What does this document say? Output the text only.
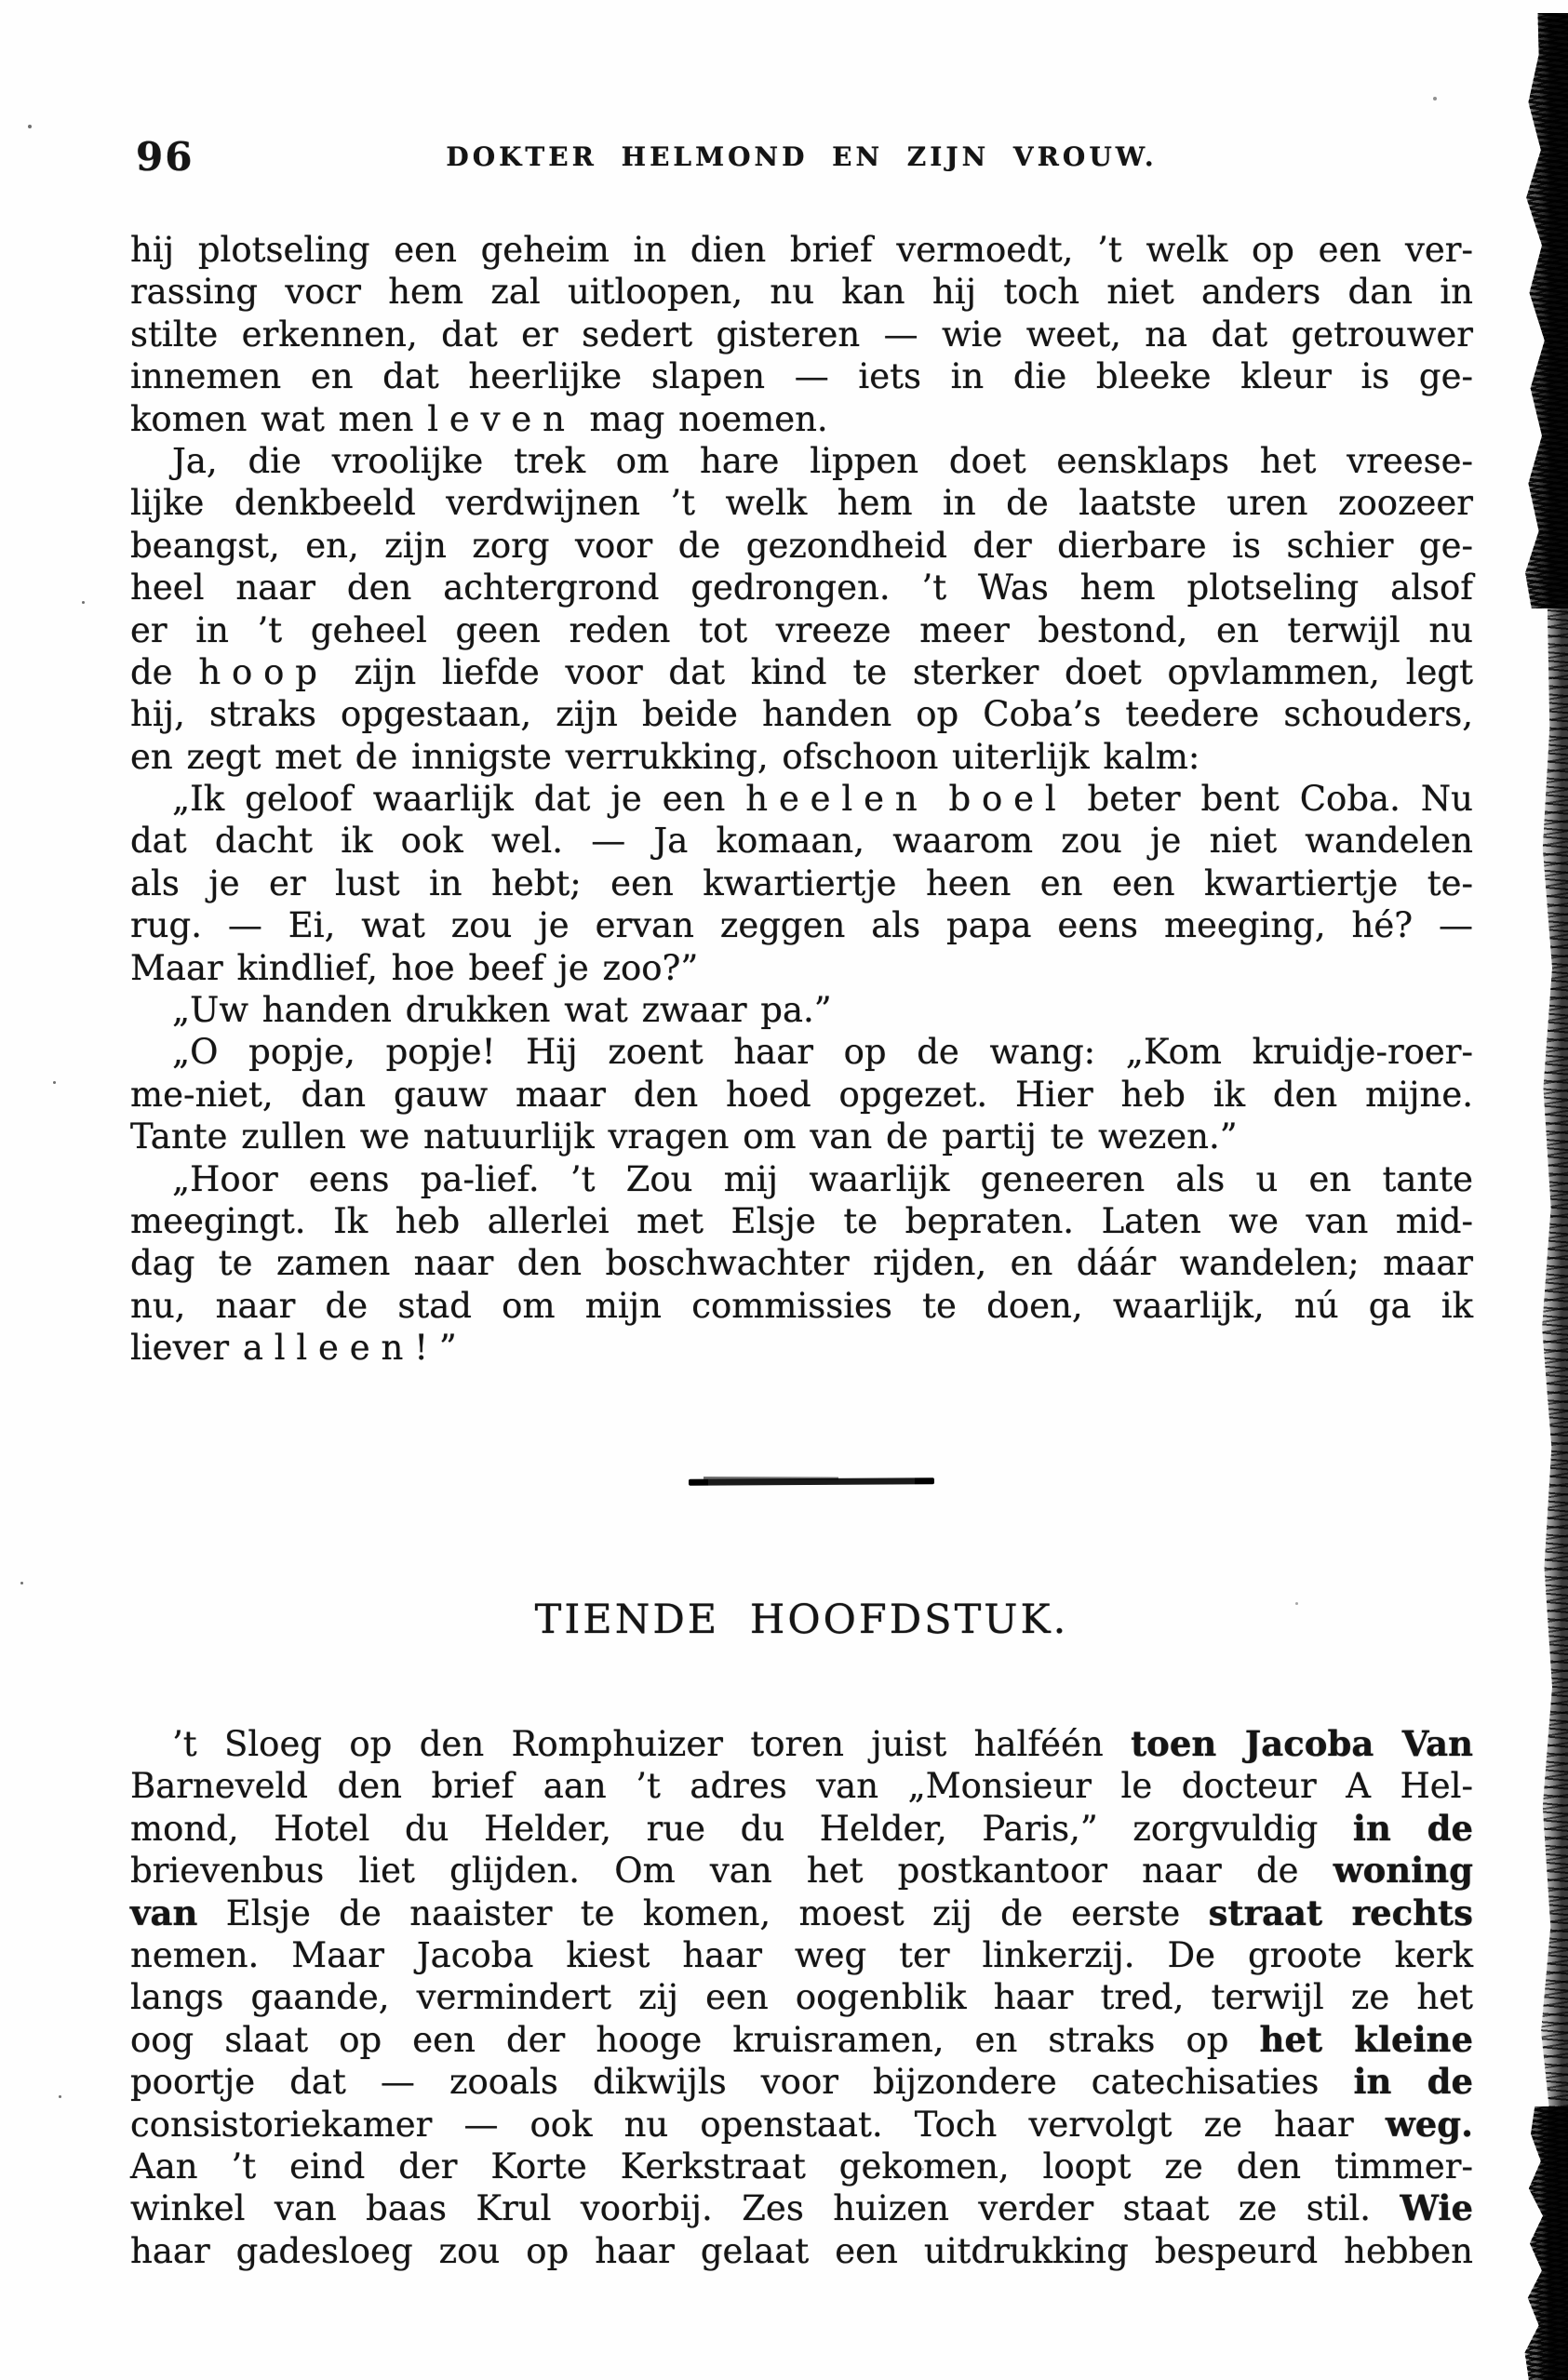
96	DOKTER HELMOND EN ZIJN VROUW.
hij plotseling een geheim in dien brief vermoedt, ’t welk op een ver-
rassing vocr hem zal uitloopen, nu kan hij toch niet anders dan in
stilte erkennen, dat er sedert gisteren — wie weet, na dat getrouwer
innemen en dat heerlijke slapen — iets in die bleeke kleur is ge-
komen wat men leven mag noemen.
Ja, die vroolijke trek om hare lippen doet eensklaps het vreese-
lijke denkbeeld verdwijnen ’t welk hem in de laatste uren zoozeer
beangst, en, zijn zorg voor de gezondheid der dierbare is schier ge-
heel naar den achtergrond gedrongen. ’t Was hem plotseling alsof
er in ’t geheel geen reden tot vreeze meer bestond, en terwijl nu
de hoop zijn liefde voor dat kind te sterker doet opvlammen, legt
hij, straks opgestaan, zijn beide handen op Coba’s teedere schouders,
en zegt met de innigste verrukking, ofschoon uiterlijk kalm:
„Ik geloof waarlijk dat je een heelen boel beter bent Coba. Nu
dat dacht ik ook wel. — Ja komaan, waarom zou je niet wandelen
als je er lust in hebt; een kwartiertje heen en een kwartiertje te-
rug. — Ei, wat zou je ervan zeggen als papa eens meeging, hé? —
Maar kindlief, hoe beef je zoo?”
„Uw handen drukken wat zwaar pa.”
„O popje, popje! Hij zoent haar op de wang: „Kom kruidje-roer-
me-niet, dan gauw maar den hoed opgezet. Hier heb ik den mijne.
Tante zullen we natuurlijk vragen om van de partij te wezen.”
„Hoor eens pa-lief. ’t Zou mij waarlijk geneeren als u en tante
meegingt. Ik heb allerlei met Elsje te bepraten. Laten we van mid-
dag te zamen naar den boschwachter rijden, en dáár wandelen; maar
nu, naar de stad om mijn commissies te doen, waarlijk, nú ga ik
liever alleen!”
TIENDE HOOFDSTUK.
’t Sloeg op den Romphuizer toren juist halféén toen Jacoba Van
Barneveld den brief aan ’t adres van „Monsieur le docteur A Hel-
mond, Hotel du Helder, rue du Helder, Paris,” zorgvuldig in de
brievenbus liet glijden. Om van het postkantoor naar de woning
van Elsje de naaister te komen, moest zij de eerste straat rechts
nemen. Maar Jacoba kiest haar weg ter linkerzij. De groote kerk
langs gaande, vermindert zij een oogenblik haar tred, terwijl ze het
oog slaat op een der hooge kruisramen, en straks op het kleine
poortje dat — zooals dikwijls voor bijzondere catechisaties in de
consistoriekamer — ook nu openstaat. Toch vervolgt ze haar weg.
Aan ’t eind der Korte Kerkstraat gekomen, loopt ze den timmer-
winkel van baas Krul voorbij. Zes huizen verder staat ze stil. Wie
haar gadesloeg zou op haar gelaat een uitdrukking bespeurd hebben
